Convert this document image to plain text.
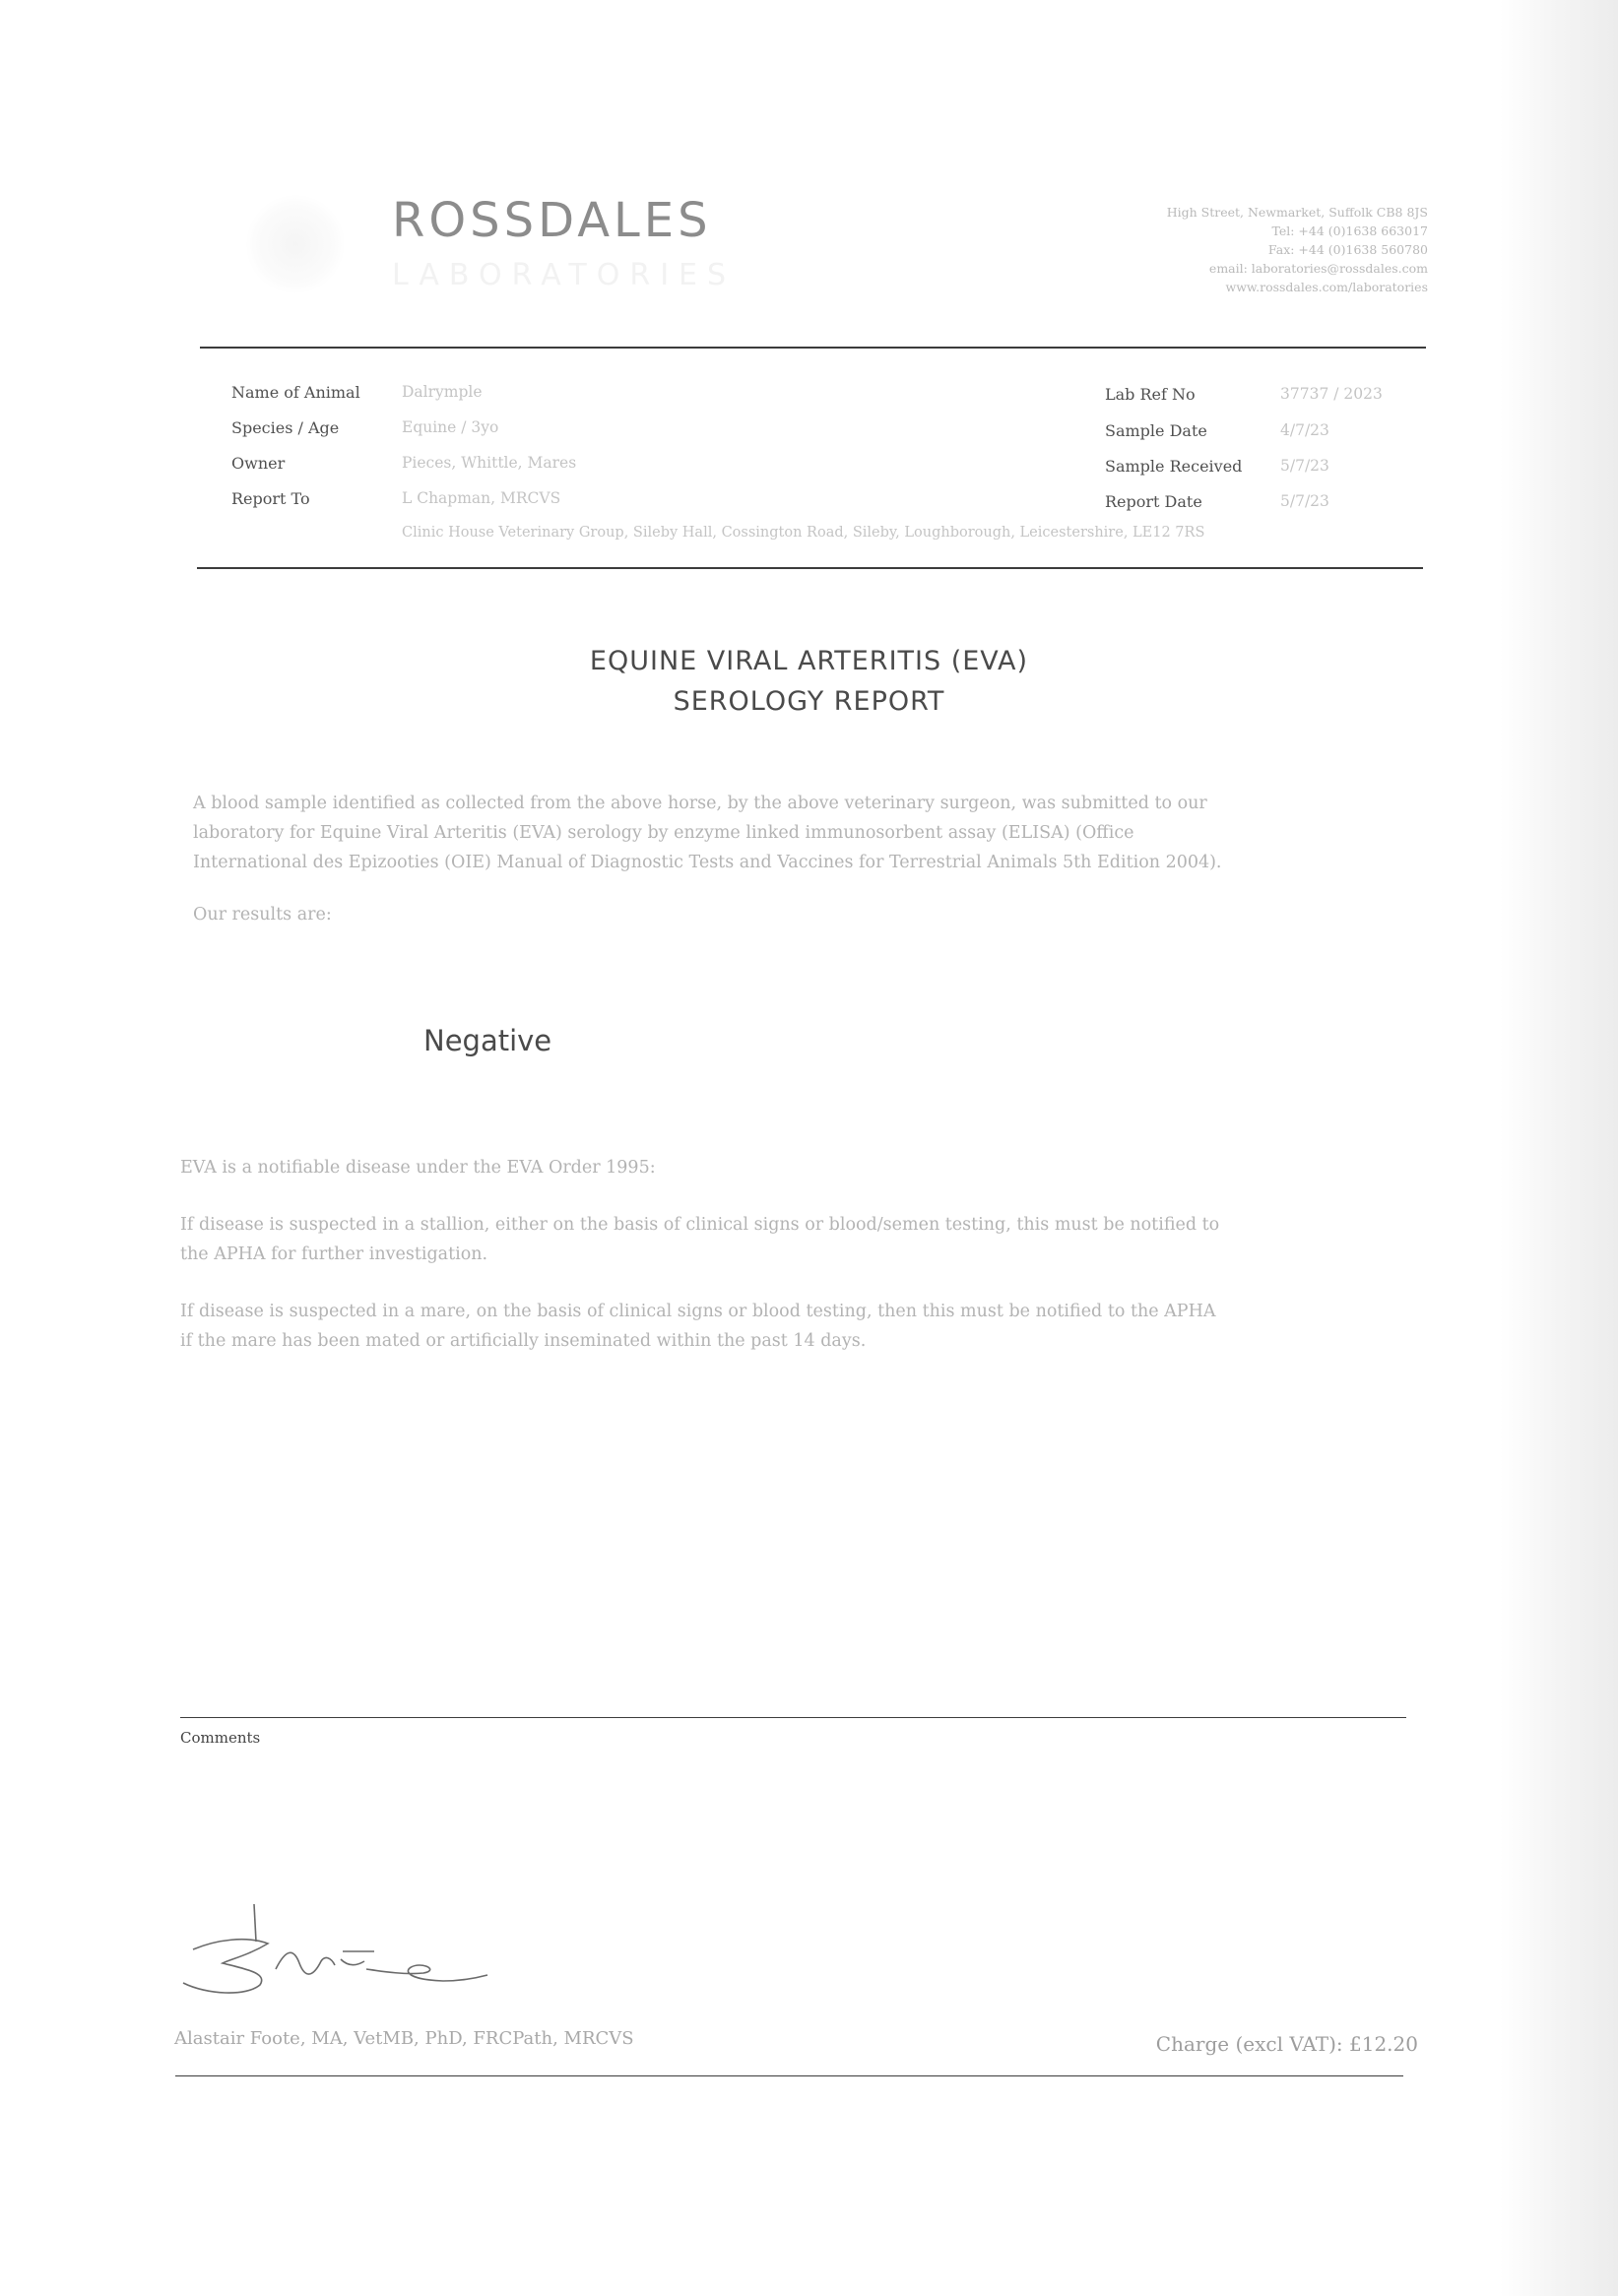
ROSSDALES
LABORATORIES
High Street, Newmarket, Suffolk CB8 8JS
Tel: +44 (0)1638 663017
Fax: +44 (0)1638 560780
email: laboratories@rossdales.com
www.rossdales.com/laboratories
Name of Animal	Dalrymple
Species / Age	Equine / 3yo
Owner	Pieces, Whittle, Mares
Report To	L Chapman, MRCVS
Clinic House Veterinary Group, Sileby Hall, Cossington Road, Sileby, Loughborough, Leicestershire, LE12 7RS
Lab Ref No	37737 / 2023
Sample Date	4/7/23
Sample Received 5/7/23
Report Date	5/7/23
EQUINE VIRAL ARTERITIS (EVA)
SEROLOGY REPORT
A blood sample identified as collected from the above horse, by the above veterinary surgeon, was submitted to our
laboratory for Equine Viral Arteritis (EVA) serology by enzyme linked immunosorbent assay (ELISA) (Office
International des Epizooties (OIE) Manual of Diagnostic Tests and Vaccines for Terrestrial Animals 5th Edition 2004).
Our results are:
Negative
EVA is a notifiable disease under the EVA Order 1995:
If disease is suspected in a stallion, either on the basis of clinical signs or blood/semen testing, this must be notified to
the APHA for further investigation.
If disease is suspected in a mare, on the basis of clinical signs or blood testing, then this must be notified to the APHA
if the mare has been mated or artificially inseminated within the past 14 days.
Comments
Alastair Foote, MA, VetMB, PhD, FRCPath, MRCVS	Charge (excl VAT): £12.20
